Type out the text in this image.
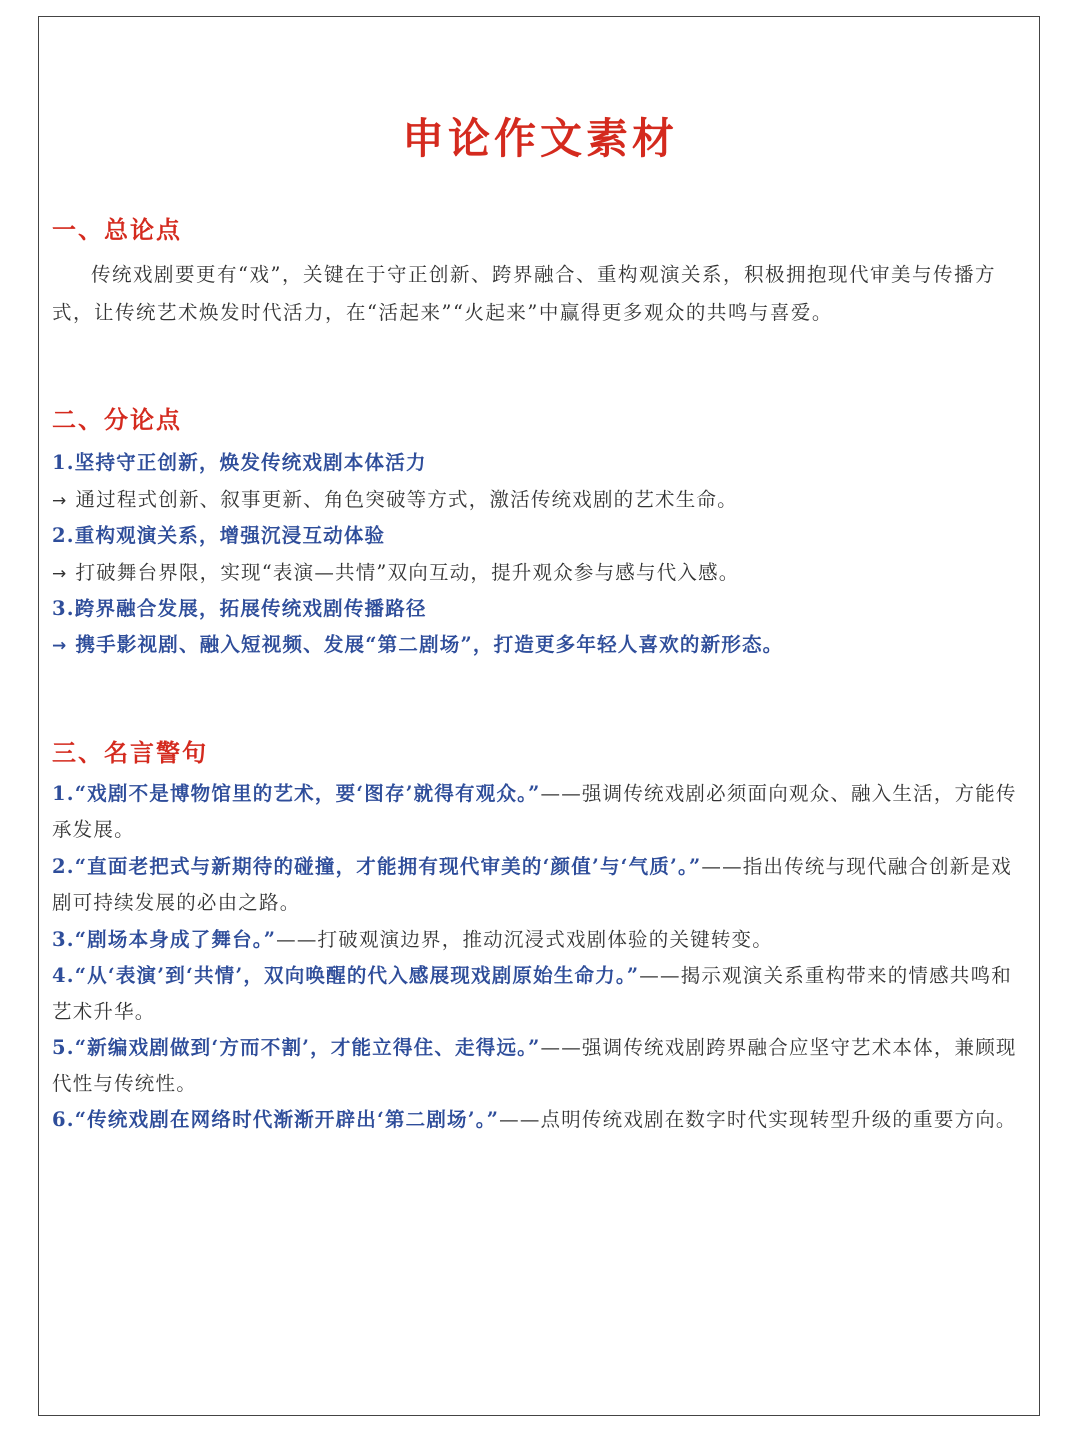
申论作文素材
一、总论点

传统戏剧要更有“戏”，关键在于守正创新、跨界融合、重构观演关系，积极拥抱现代审美与传播方式，让传统艺术焕发时代活力，在“活起来”“火起来”中赢得更多观众的共鸣与喜爱。

二、分论点

1.坚持守正创新，焕发传统戏剧本体活力

→ 通过程式创新、叙事更新、角色突破等方式，激活传统戏剧的艺术生命。

2.重构观演关系，增强沉浸互动体验

→ 打破舞台界限，实现“表演—共情”双向互动，提升观众参与感与代入感。

3.跨界融合发展，拓展传统戏剧传播路径

→ 携手影视剧、融入短视频、发展“第二剧场”，打造更多年轻人喜欢的新形态。

三、名言警句

1.“戏剧不是博物馆里的艺术，要‘图存’就得有观众。”——强调传统戏剧必须面向观众、融入生活，方能传承发展。

2.“直面老把式与新期待的碰撞，才能拥有现代审美的‘颜值’与‘气质’。”——指出传统与现代融合创新是戏剧可持续发展的必由之路。

3.“剧场本身成了舞台。”——打破观演边界，推动沉浸式戏剧体验的关键转变。

4.“从‘表演’到‘共情’，双向唤醒的代入感展现戏剧原始生命力。”——揭示观演关系重构带来的情感共鸣和艺术升华。

5.“新编戏剧做到‘方而不割’，才能立得住、走得远。”——强调传统戏剧跨界融合应坚守艺术本体，兼顾现代性与传统性。

6.“传统戏剧在网络时代渐渐开辟出‘第二剧场’。”——点明传统戏剧在数字时代实现转型升级的重要方向。
